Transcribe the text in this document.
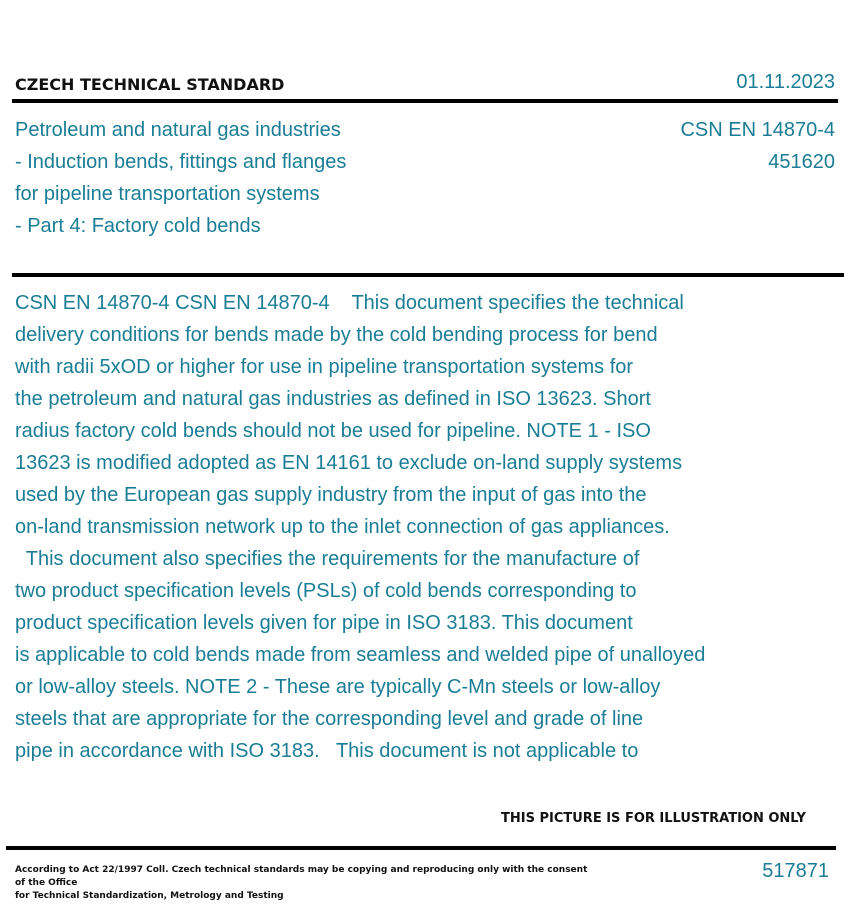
CZECH TECHNICAL STANDARD	01.11.2023
Petroleum and natural gas industries
- Induction bends, fittings and flanges
for pipeline transportation systems
- Part 4: Factory cold bends
CSN EN 14870-4
451620
CSN EN 14870-4 CSN EN 14870-4    This document specifies the technical
delivery conditions for bends made by the cold bending process for bend
with radii 5xOD or higher for use in pipeline transportation systems for
the petroleum and natural gas industries as defined in ISO 13623. Short
radius factory cold bends should not be used for pipeline. NOTE 1 - ISO
13623 is modified adopted as EN 14161 to exclude on-land supply systems
used by the European gas supply industry from the input of gas into the
on-land transmission network up to the inlet connection of gas appliances.
This document also specifies the requirements for the manufacture of
two product specification levels (PSLs) of cold bends corresponding to
product specification levels given for pipe in ISO 3183. This document
is applicable to cold bends made from seamless and welded pipe of unalloyed
or low-alloy steels. NOTE 2 - These are typically C-Mn steels or low-alloy
steels that are appropriate for the corresponding level and grade of line
pipe in accordance with ISO 3183.   This document is not applicable to
THIS PICTURE IS FOR ILLUSTRATION ONLY
According to Act 22/1997 Coll. Czech technical standards may be copying and reproducing only with the consent of the Office
for Technical Standardization, Metrology and Testing
517871
